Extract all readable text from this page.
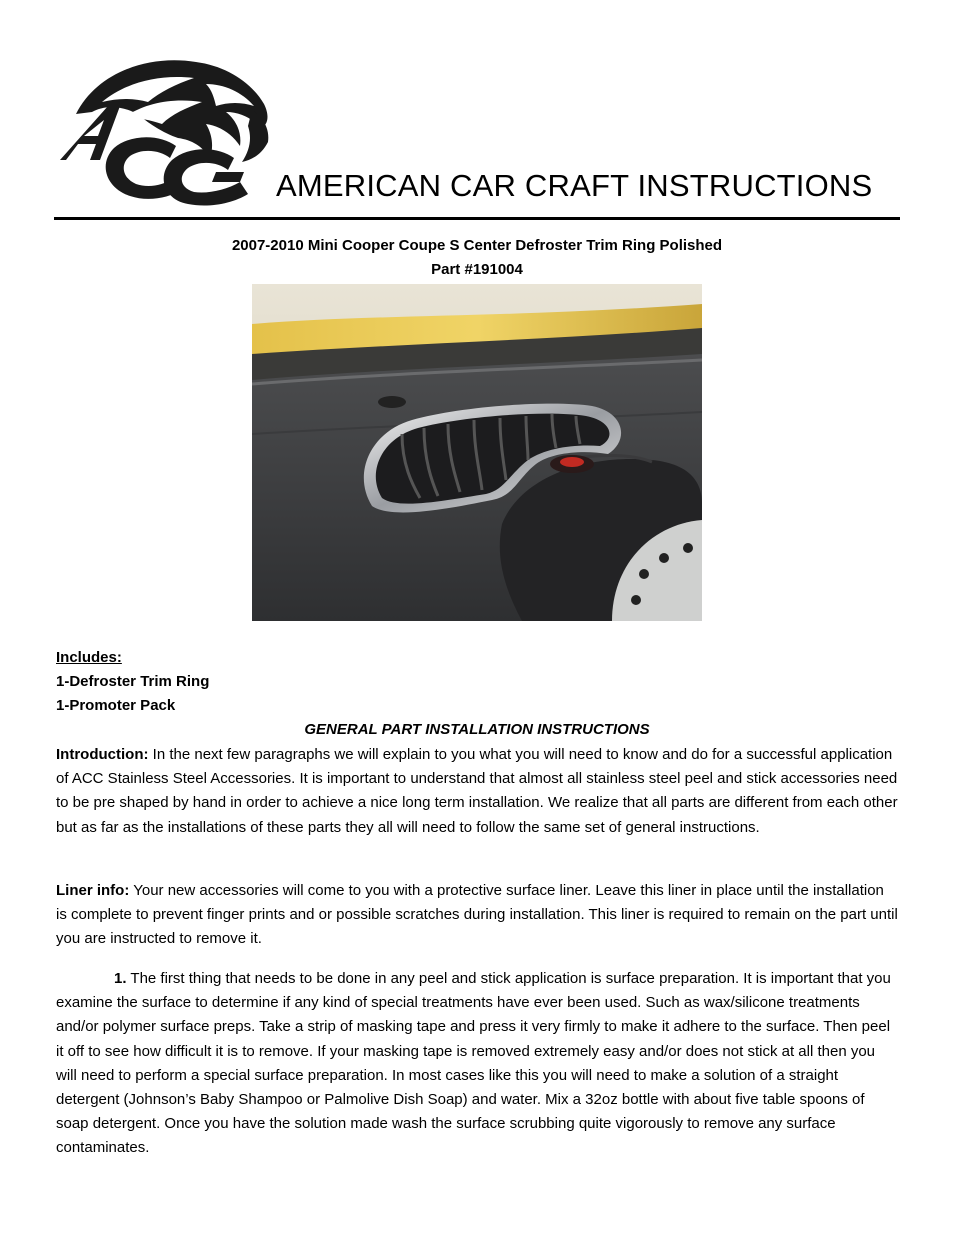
AMERICAN CAR CRAFT INSTRUCTIONS
2007-2010 Mini Cooper Coupe S Center Defroster Trim Ring Polished
Part #191004
Includes:
1-Defroster Trim Ring
1-Promoter Pack
GENERAL PART INSTALLATION INSTRUCTIONS
Introduction: In the next few paragraphs we will explain to you what you will need to know and do for a successful application of ACC Stainless Steel Accessories. It is important to understand that almost all stainless steel peel and stick accessories need to be pre shaped by hand in order to achieve a nice long term installation. We realize that all parts are different from each other but as far as the installations of these parts they all will need to follow the same set of general instructions.
Liner info: Your new accessories will come to you with a protective surface liner. Leave this liner in place until the installation is complete to prevent finger prints and or possible scratches during installation. This liner is required to remain on the part until you are instructed to remove it.
1. The first thing that needs to be done in any peel and stick application is surface preparation. It is important that you examine the surface to determine if any kind of special treatments have ever been used. Such as wax/silicone treatments and/or polymer surface preps. Take a strip of masking tape and press it very firmly to make it adhere to the surface. Then peel it off to see how difficult it is to remove. If your masking tape is removed extremely easy and/or does not stick at all then you will need to perform a special surface preparation. In most cases like this you will need to make a solution of a straight detergent (Johnson’s Baby Shampoo or Palmolive Dish Soap) and water. Mix a 32oz bottle with about five table spoons of soap detergent. Once you have the solution made wash the surface scrubbing quite vigorously to remove any surface contaminates.
